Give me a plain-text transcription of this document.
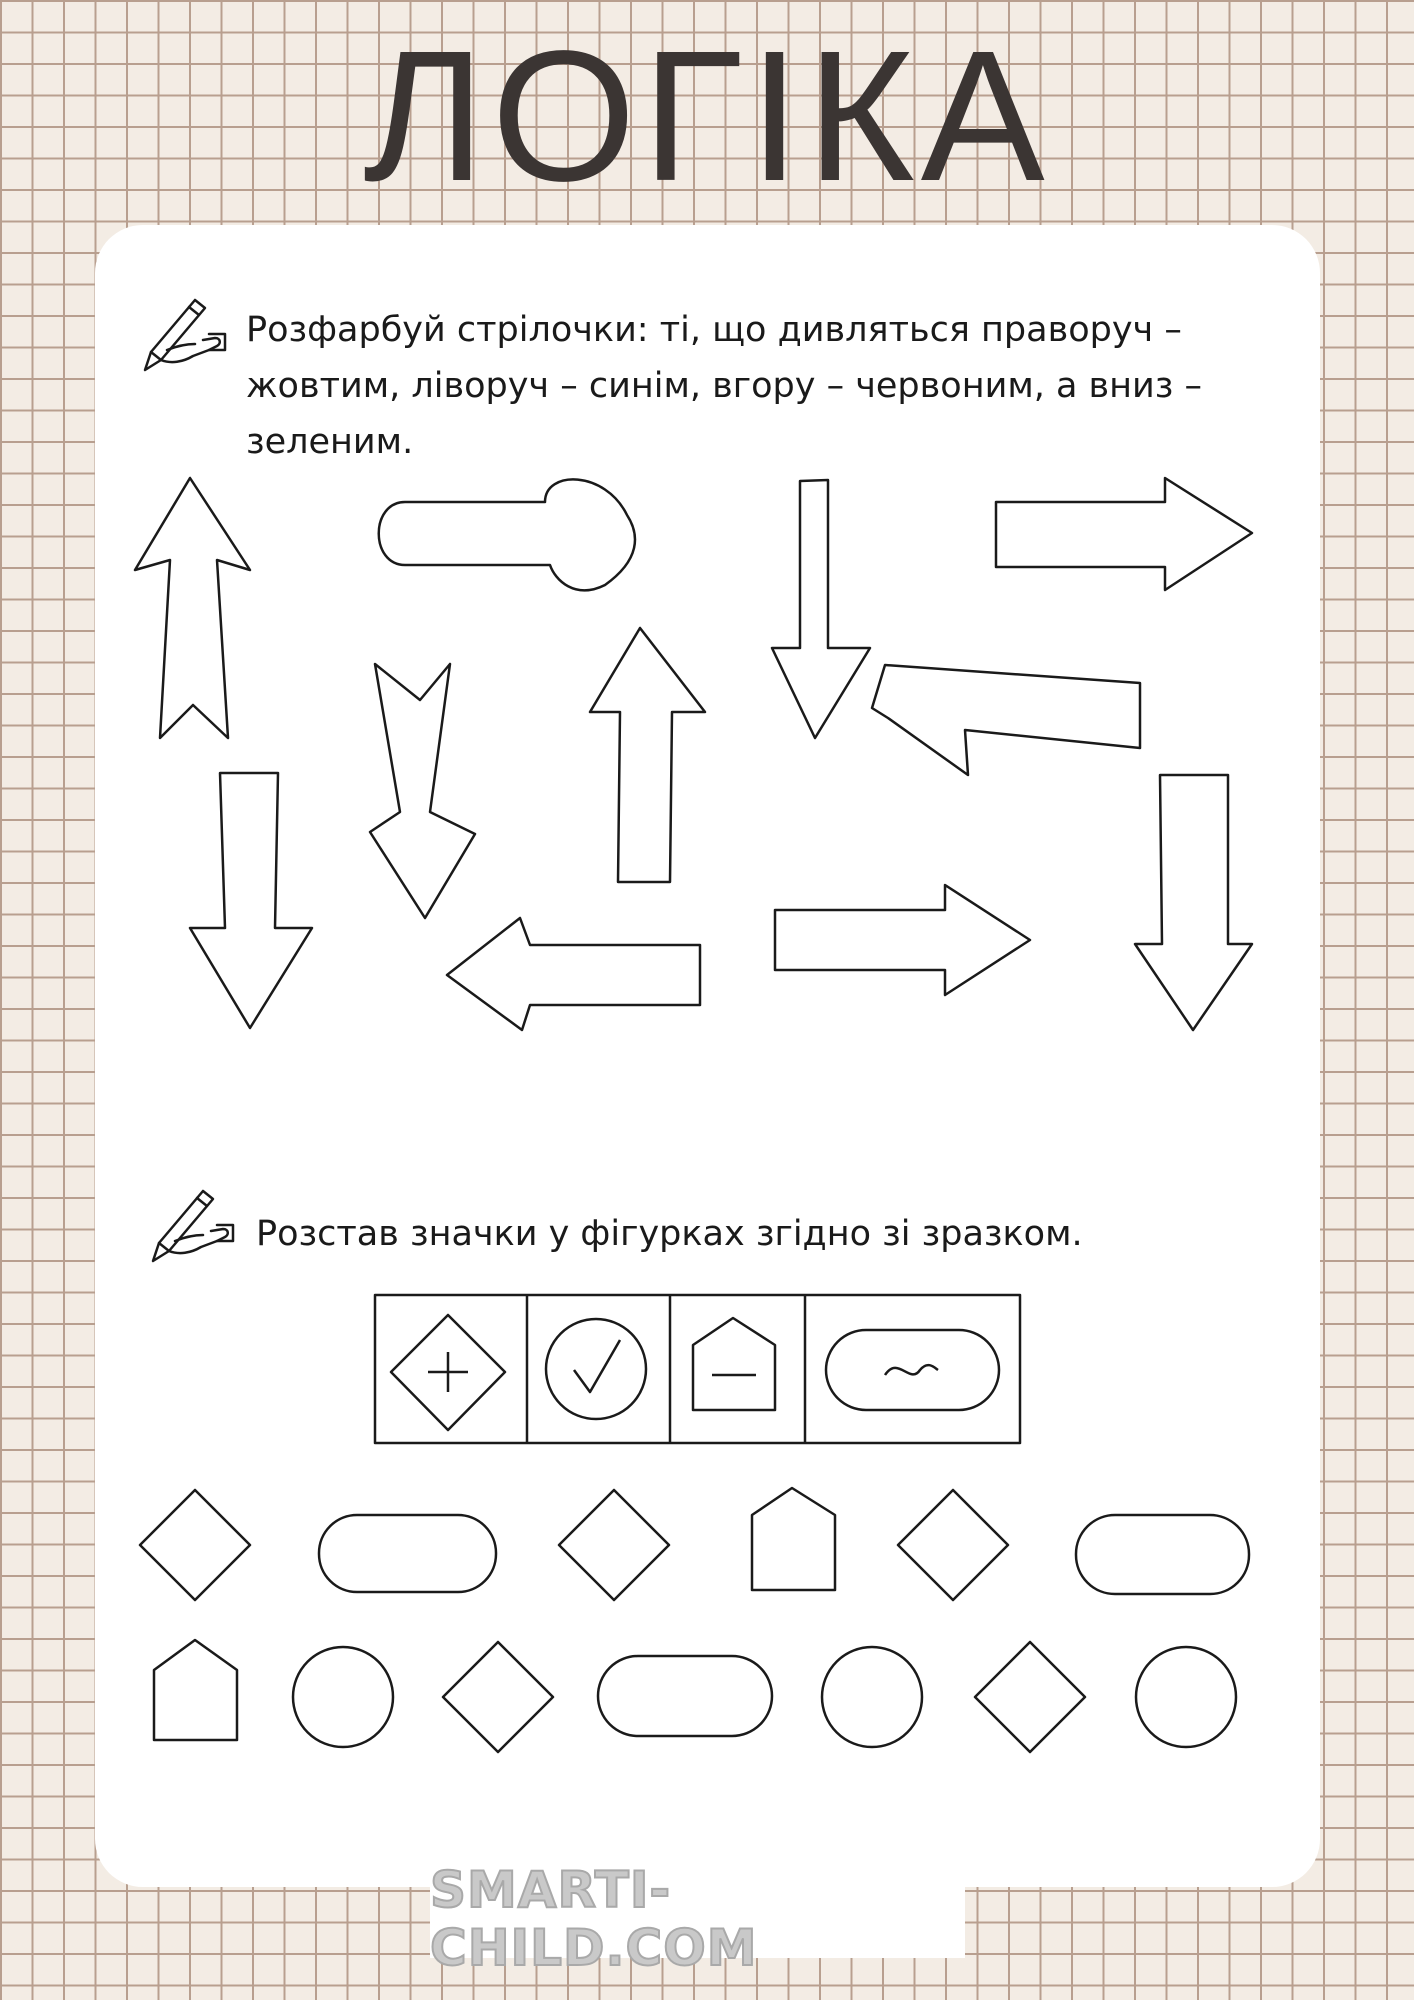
ЛОГІКА

Розфарбуй стрілочки: ті, що дивляться праворуч – жовтим, ліворуч – синім, вгору – червоним, а вниз – зеленим.

Розстав значки у фігурках згідно зі зразком.

SMARTI-CHILD.COM
